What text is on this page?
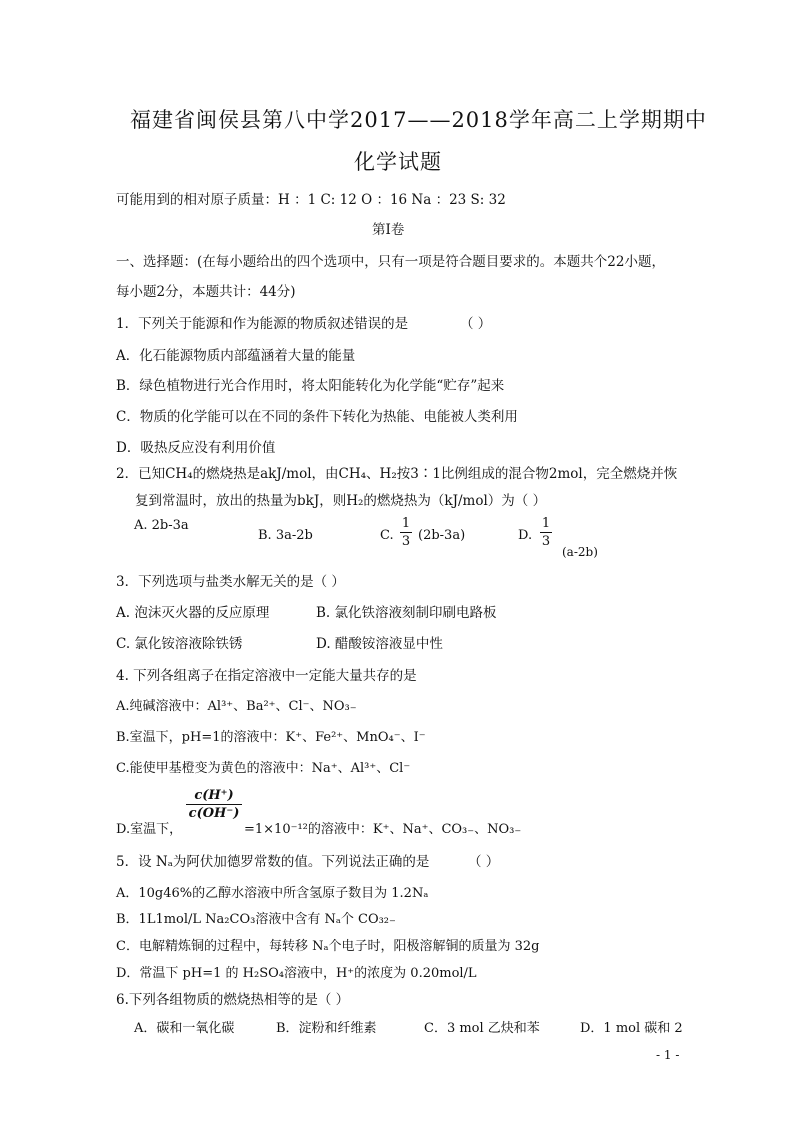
福建省闽侯县第八中学2017——2018学年高二上学期期中
化学试题
可能用到的相对原子质量：H ：1 C: 12 O ：16 Na ：23 S: 32
第Ⅰ卷
一、选择题：(在每小题给出的四个选项中，只有一项是符合题目要求的。本题共个22小题，
每小题2分，本题共计：44分)
1．下列关于能源和作为能源的物质叙述错误的是	（ ）
A．化石能源物质内部蕴涵着大量的能量
B．绿色植物进行光合作用时，将太阳能转化为化学能“贮存”起来
C．物质的化学能可以在不同的条件下转化为热能、电能被人类利用
D．吸热反应没有利用价值
2．已知CH₄的燃烧热是akJ/mol，由CH₄、H₂按3∶1比例组成的混合物2mol，完全燃烧并恢
复到常温时，放出的热量为bkJ，则H₂的燃烧热为（kJ/mol）为（ ）
A. 2b-3a
B. 3a-2b	C.
1
3 (2b-3a)	D.
1
3
(a-2b)
3．下列选项与盐类水解无关的是（ ）
A. 泡沫灭火器的反应原理	B. 氯化铁溶液刻制印刷电路板
C. 氯化铵溶液除铁锈	D. 醋酸铵溶液显中性
4. 下列各组离子在指定溶液中一定能大量共存的是
A.纯碱溶液中：Al³⁺、Ba²⁺、Cl⁻、NO₃₋
B.室温下，pH=1的溶液中：K⁺、Fe²⁺、MnO₄⁻、I⁻
C.能使甲基橙变为黄色的溶液中：Na⁺、Al³⁺、Cl⁻
D.室温下，
c(H⁺)
c(OH⁻)
=1×10⁻¹²的溶液中：K⁺、Na⁺、CO₃₋、NO₃₋
5．设 Nₐ为阿伏加德罗常数的值。下列说法正确的是	（ ）
A．10g46%的乙醇水溶液中所含氢原子数目为 1.2Nₐ
B．1L1mol/L Na₂CO₃溶液中含有 Nₐ个 CO₃₂₋
C．电解精炼铜的过程中，每转移 Nₐ个电子时，阳极溶解铜的质量为 32g
D．常温下 pH=1 的 H₂SO₄溶液中，H⁺的浓度为 0.20mol/L
6.下列各组物质的燃烧热相等的是（ ）
A．碳和一氧化碳	B．淀粉和纤维素	C．3 mol 乙炔和苯	D．1 mol 碳和 2
- 1 -
